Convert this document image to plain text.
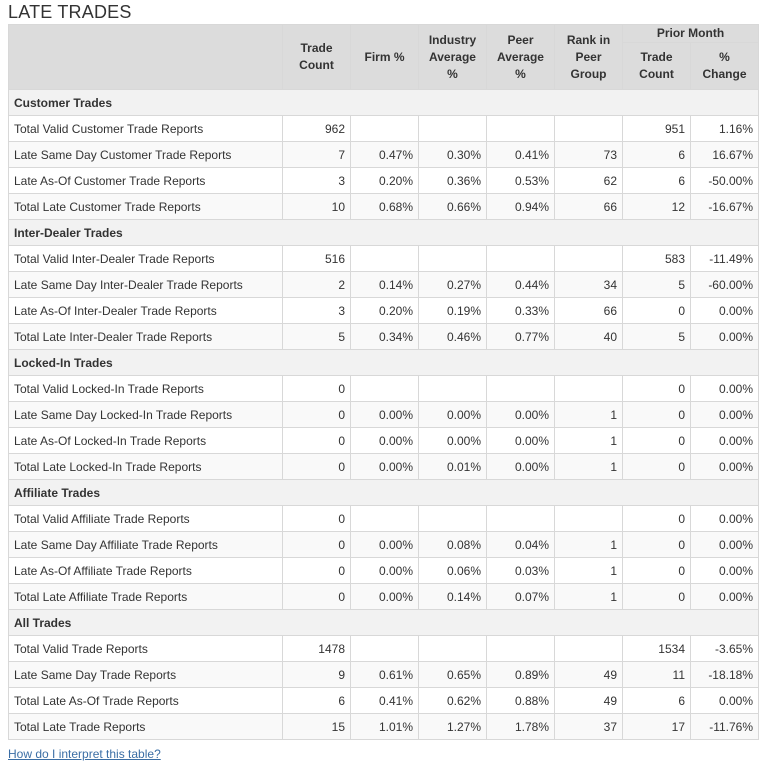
LATE TRADES
	Trade Count	Firm %	Industry Average %	Peer Average %	Rank in Peer Group	Prior Month	
						Trade Count	% Change
Customer Trades							
Total Valid Customer Trade Reports	962					951	1.16%
Late Same Day Customer Trade Reports	7	0.47%	0.30%	0.41%	73	6	16.67%
Late As-Of Customer Trade Reports	3	0.20%	0.36%	0.53%	62	6	-50.00%
Total Late Customer Trade Reports	10	0.68%	0.66%	0.94%	66	12	-16.67%
Inter-Dealer Trades							
Total Valid Inter-Dealer Trade Reports	516					583	-11.49%
Late Same Day Inter-Dealer Trade Reports	2	0.14%	0.27%	0.44%	34	5	-60.00%
Late As-Of Inter-Dealer Trade Reports	3	0.20%	0.19%	0.33%	66	0	0.00%
Total Late Inter-Dealer Trade Reports	5	0.34%	0.46%	0.77%	40	5	0.00%
Locked-In Trades							
Total Valid Locked-In Trade Reports	0					0	0.00%
Late Same Day Locked-In Trade Reports	0	0.00%	0.00%	0.00%	1	0	0.00%
Late As-Of Locked-In Trade Reports	0	0.00%	0.00%	0.00%	1	0	0.00%
Total Late Locked-In Trade Reports	0	0.00%	0.01%	0.00%	1	0	0.00%
Affiliate Trades							
Total Valid Affiliate Trade Reports	0					0	0.00%
Late Same Day Affiliate Trade Reports	0	0.00%	0.08%	0.04%	1	0	0.00%
Late As-Of Affiliate Trade Reports	0	0.00%	0.06%	0.03%	1	0	0.00%
Total Late Affiliate Trade Reports	0	0.00%	0.14%	0.07%	1	0	0.00%
All Trades							
Total Valid Trade Reports	1478					1534	-3.65%
Late Same Day Trade Reports	9	0.61%	0.65%	0.89%	49	11	-18.18%
Total Late As-Of Trade Reports	6	0.41%	0.62%	0.88%	49	6	0.00%
Total Late Trade Reports	15	1.01%	1.27%	1.78%	37	17	-11.76%
How do I interpret this table?
